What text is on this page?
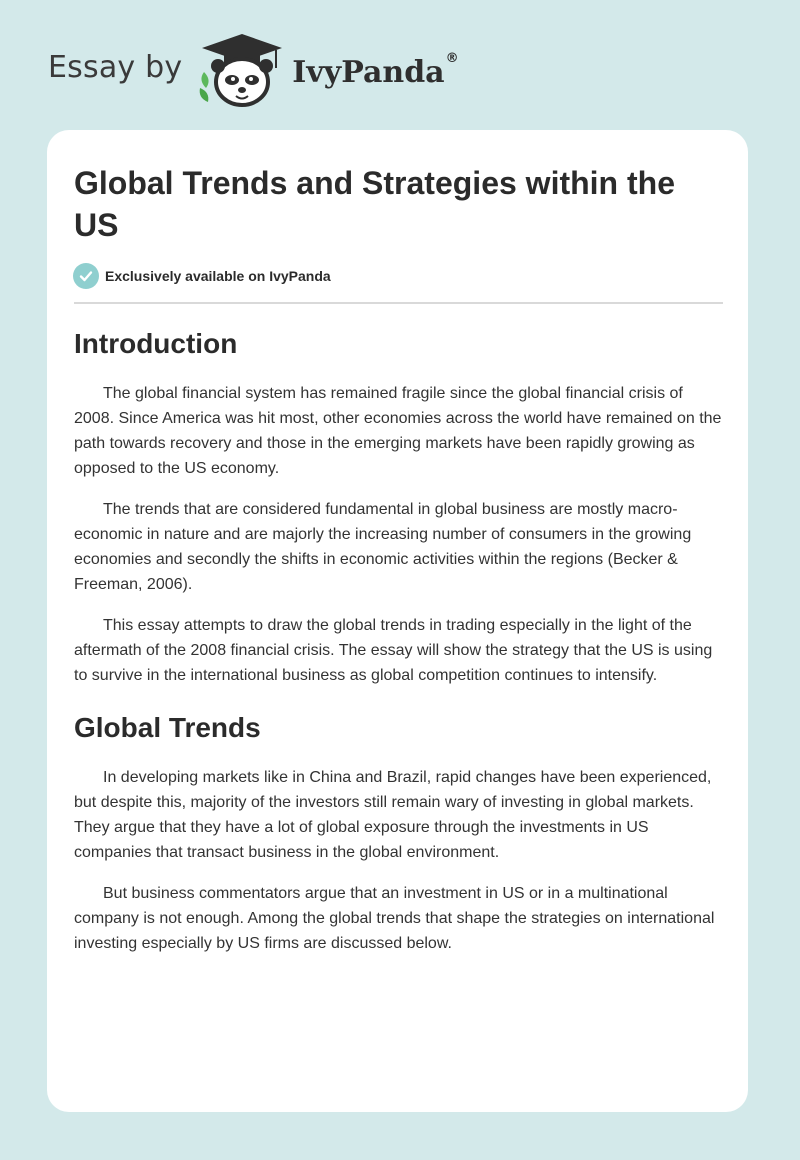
Essay by	IvyPanda®
Global Trends and Strategies within the US
Exclusively available on IvyPanda
Introduction

The global financial system has remained fragile since the global financial crisis of 2008. Since America was hit most, other economies across the world have remained on the path towards recovery and those in the emerging markets have been rapidly growing as opposed to the US economy.

The trends that are considered fundamental in global business are mostly macro-economic in nature and are majorly the increasing number of consumers in the growing economies and secondly the shifts in economic activities within the regions (Becker & Freeman, 2006).

This essay attempts to draw the global trends in trading especially in the light of the aftermath of the 2008 financial crisis. The essay will show the strategy that the US is using to survive in the international business as global competition continues to intensify.

Global Trends

In developing markets like in China and Brazil, rapid changes have been experienced, but despite this, majority of the investors still remain wary of investing in global markets. They argue that they have a lot of global exposure through the investments in US companies that transact business in the global environment.

But business commentators argue that an investment in US or in a multinational company is not enough. Among the global trends that shape the strategies on international investing especially by US firms are discussed below.
